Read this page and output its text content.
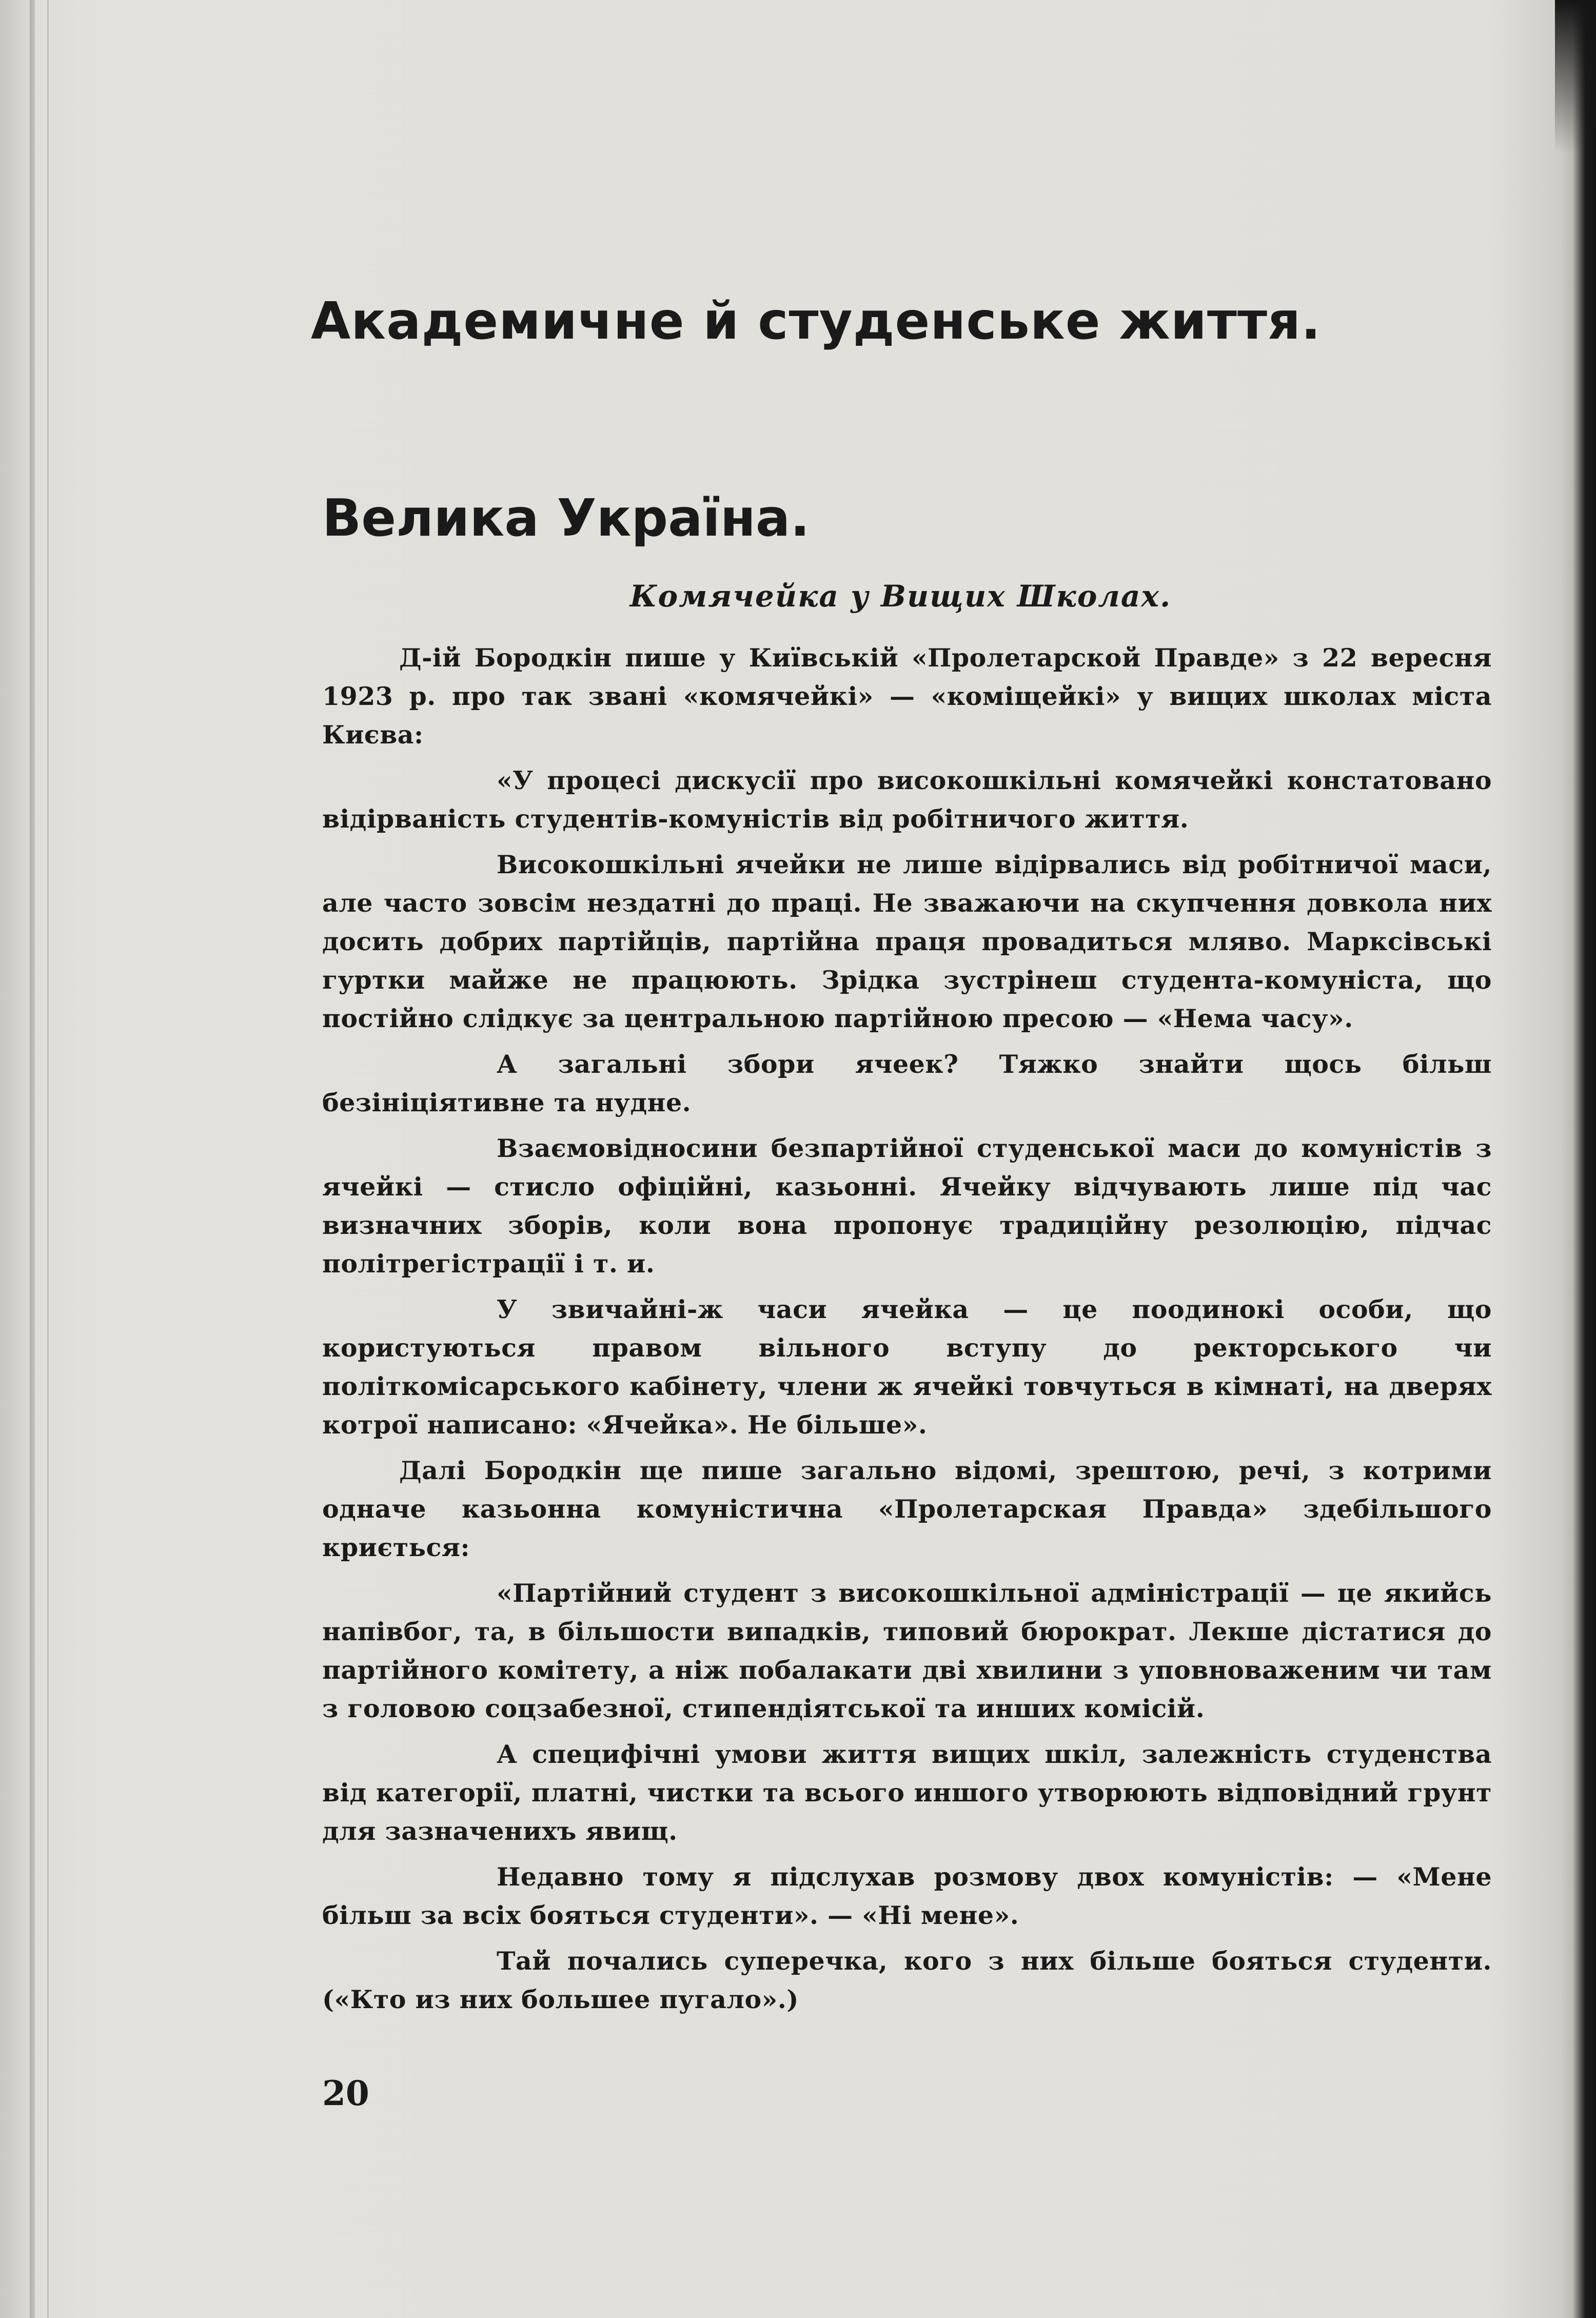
Академичне й студенське життя.
Велика Україна.
Комячейка у Вищих Школах.

Д-ій Бородкін пише у Київській «Пролетарской Правде» з 22 вересня 1923 р. про так звані «комячейкі» — «коміщейкі» у вищих школах міста Києва:

«У процесі дискусії про високошкільні комячейкі констатовано відірваність студентів-комуністів від робітничого життя.

Високошкільні ячейки не лише відірвались від робітничої маси, але часто зовсім нездатні до праці. Не зважаючи на скупчення довкола них досить добрих партійців, партійна праця провадиться мляво. Марксівські гуртки майже не працюють. Зрідка зустрінеш студента-комуніста, що постійно слідкує за центральною партійною пресою — «Нема часу».

А загальні збори ячеек? Тяжко знайти щось більш безініціятивне та нудне.

Взаємовідносини безпартійної студенської маси до комуністів з ячейкі — стисло офіційні, казьонні. Ячейку відчувають лише під час визначних зборів, коли вона пропонує традиційну резолюцію, підчас політрегістрації і т. и.

У звичайні-ж часи ячейка — це поодинокі особи, що користуються правом вільного вступу до ректорського чи політкомісарського кабінету, члени ж ячейкі товчуться в кімнаті, на дверях котрої написано: «Ячейка». Не більше».

Далі Бородкін ще пише загально відомі, зрештою, речі, з котрими одначе казьонна комуністична «Пролетарская Правда» здебільшого криється:

«Партійний студент з високошкільної адміністрації — це якийсь напівбог, та, в більшости випадків, типовий бюрократ. Лекше дістатися до партійного комітету, а ніж побалакати дві хвилини з уповноваженим чи там з головою соцзабезної, стипендіятської та инших комісій.

А специфічні умови життя вищих шкіл, залежність студенства від категорії, платні, чистки та всього иншого утворюють відповідний грунт для зазначенихъ явищ.

Недавно тому я підслухав розмову двох комуністів: — «Мене більш за всіх бояться студенти». — «Ні мене».

Тай почались суперечка, кого з них більше бояться студенти. («Кто из них большее пугало».)

20
